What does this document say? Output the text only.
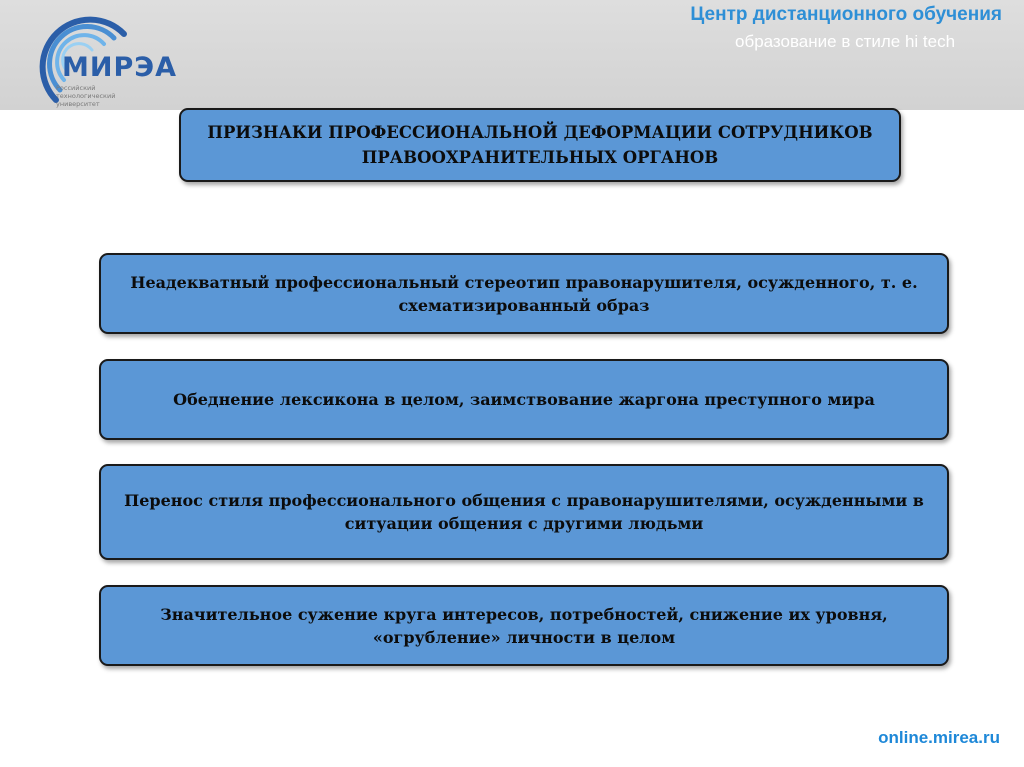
МИРЭА
Российский технологический университет
Центр дистанционного обучения
образование в стиле hi tech
ПРИЗНАКИ ПРОФЕССИОНАЛЬНОЙ ДЕФОРМАЦИИ СОТРУДНИКОВ ПРАВООХРАНИТЕЛЬНЫХ ОРГАНОВ
Неадекватный профессиональный стереотип правонарушителя, осужденного, т. е. схематизированный образ
Обеднение лексикона в целом, заимствование жаргона преступного мира
Перенос стиля профессионального общения с правонарушителями, осужденными в ситуации общения с другими людьми
Значительное сужение круга интересов, потребностей, снижение их уровня, «огрубление» личности в целом
online.mirea.ru
